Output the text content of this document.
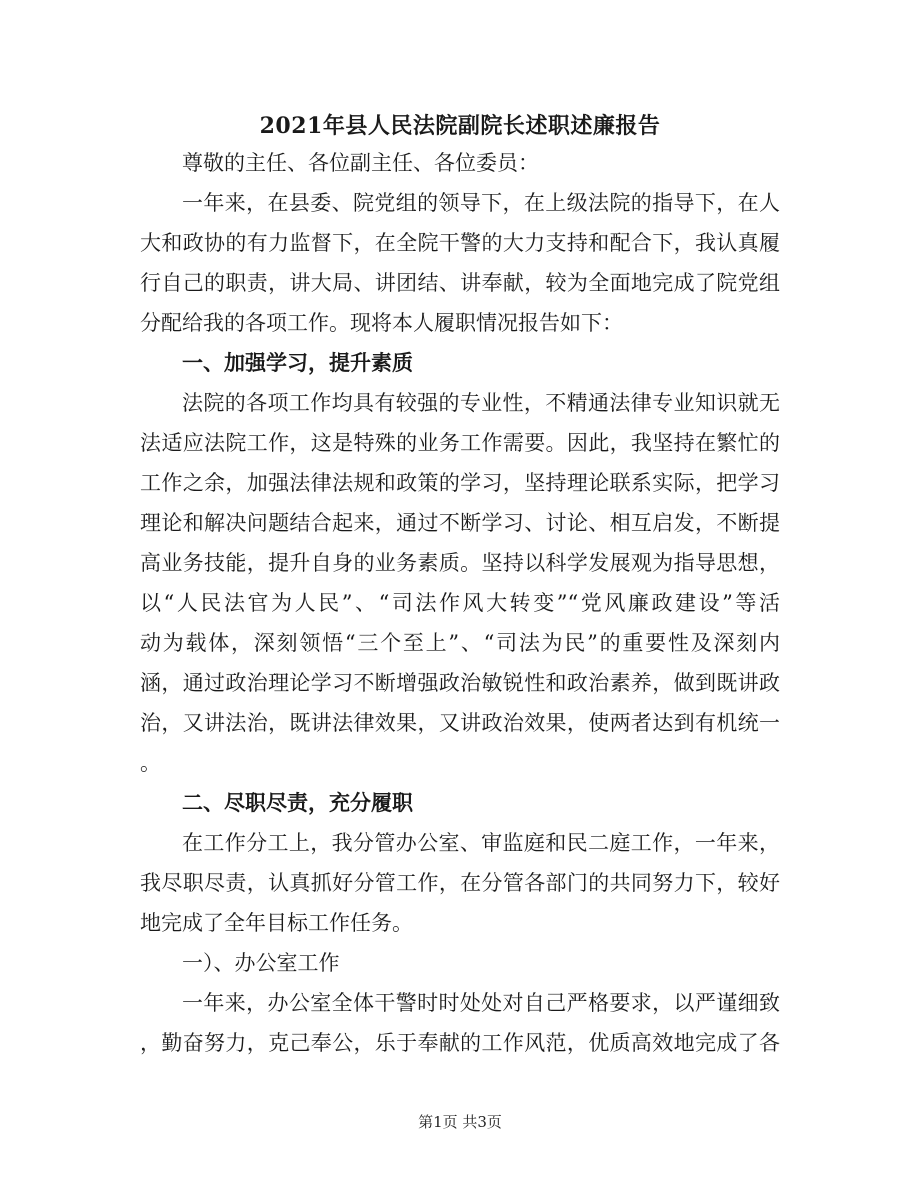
2021年县人民法院副院长述职述廉报告
尊敬的主任、各位副主任、各位委员：
一年来，在县委、院党组的领导下，在上级法院的指导下，在人
大和政协的有力监督下，在全院干警的大力支持和配合下，我认真履
行自己的职责，讲大局、讲团结、讲奉献，较为全面地完成了院党组
分配给我的各项工作。现将本人履职情况报告如下：
一、加强学习，提升素质
法院的各项工作均具有较强的专业性，不精通法律专业知识就无
法适应法院工作，这是特殊的业务工作需要。因此，我坚持在繁忙的
工作之余，加强法律法规和政策的学习，坚持理论联系实际，把学习
理论和解决问题结合起来，通过不断学习、讨论、相互启发，不断提
高业务技能，提升自身的业务素质。坚持以科学发展观为指导思想，
以“人民法官为人民”、“司法作风大转变”“党风廉政建设”等活
动为载体，深刻领悟“三个至上”、“司法为民”的重要性及深刻内
涵，通过政治理论学习不断增强政治敏锐性和政治素养，做到既讲政
治，又讲法治，既讲法律效果，又讲政治效果，使两者达到有机统一
。
二、尽职尽责，充分履职
在工作分工上，我分管办公室、审监庭和民二庭工作，一年来，
我尽职尽责，认真抓好分管工作，在分管各部门的共同努力下，较好
地完成了全年目标工作任务。
一）、办公室工作
一年来，办公室全体干警时时处处对自己严格要求，以严谨细致
，勤奋努力，克己奉公，乐于奉献的工作风范，优质高效地完成了各
第1页 共3页
